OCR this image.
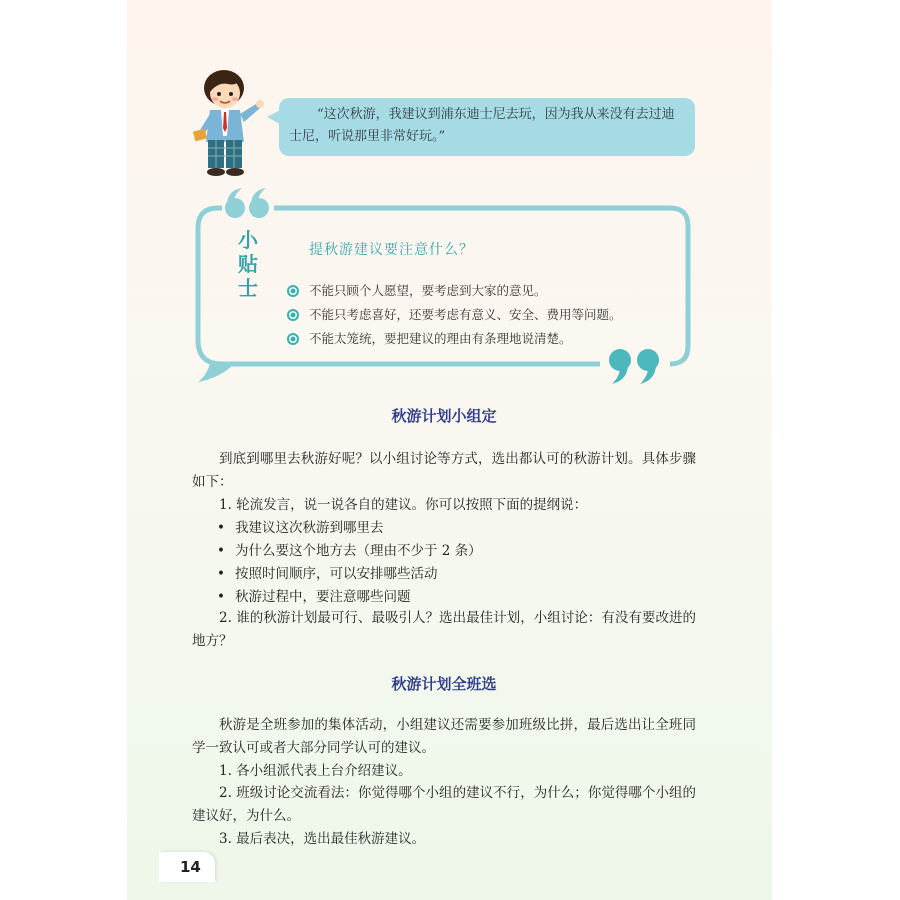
“这次秋游，我建议到浦东迪士尼去玩，因为我从来没有去过迪士尼，听说那里非常好玩。”
小
贴
士
提秋游建议要注意什么？
不能只顾个人愿望，要考虑到大家的意见。
不能只考虑喜好，还要考虑有意义、安全、费用等问题。
不能太笼统，要把建议的理由有条理地说清楚。
秋游计划小组定

到底到哪里去秋游好呢？以小组讨论等方式，选出都认可的秋游计划。具体步骤如下：

1. 轮流发言，说一说各自的建议。你可以按照下面的提纲说：
• 我建议这次秋游到哪里去
• 为什么要这个地方去（理由不少于 2 条）
• 按照时间顺序，可以安排哪些活动
• 秋游过程中，要注意哪些问题

2. 谁的秋游计划最可行、最吸引人？选出最佳计划，小组讨论：有没有要改进的地方？

秋游计划全班选

秋游是全班参加的集体活动，小组建议还需要参加班级比拼，最后选出让全班同学一致认可或者大部分同学认可的建议。

1. 各小组派代表上台介绍建议。

2. 班级讨论交流看法：你觉得哪个小组的建议不行，为什么；你觉得哪个小组的建议好，为什么。

3. 最后表决，选出最佳秋游建议。
14
